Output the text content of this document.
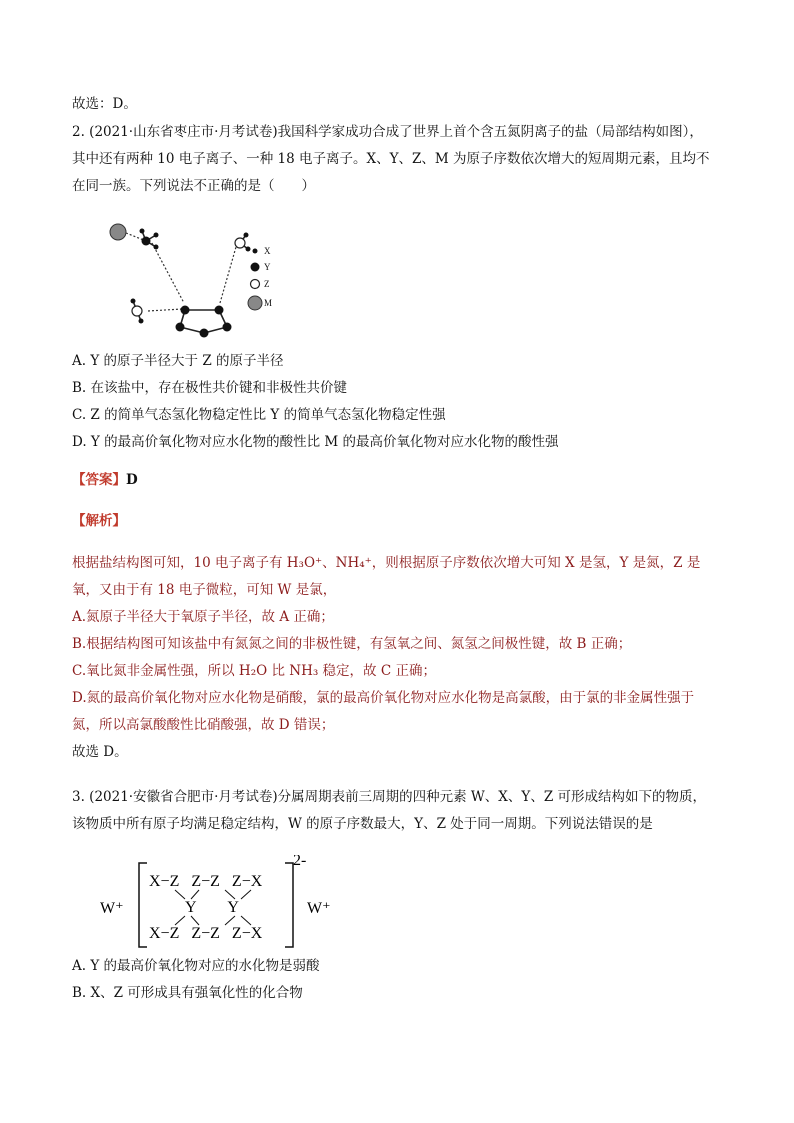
故选：D。
2. (2021·山东省枣庄市·月考试卷)我国科学家成功合成了世界上首个含五氮阴离子的盐（局部结构如图），
其中还有两种 10 电子离子、一种 18 电子离子。X、Y、Z、M 为原子序数依次增大的短周期元素，且均不
在同一族。下列说法不正确的是（　　）
X
Y
Z
M
A. Y 的原子半径大于 Z 的原子半径
B. 在该盐中，存在极性共价键和非极性共价键
C. Z 的简单气态氢化物稳定性比 Y 的简单气态氢化物稳定性强
D. Y 的最高价氧化物对应水化物的酸性比 M 的最高价氧化物对应水化物的酸性强
【答案】D
【解析】
根据盐结构图可知，10 电子离子有 H₃O⁺、NH₄⁺，则根据原子序数依次增大可知 X 是氢，Y 是氮，Z 是
氧，又由于有 18 电子微粒，可知 W 是氯，
A.氮原子半径大于氧原子半径，故 A 正确；
B.根据结构图可知该盐中有氮氮之间的非极性键，有氢氧之间、氮氢之间极性键，故 B 正确；
C.氧比氮非金属性强，所以 H₂O 比 NH₃ 稳定，故 C 正确；
D.氮的最高价氧化物对应水化物是硝酸，氯的最高价氧化物对应水化物是高氯酸，由于氯的非金属性强于
氮，所以高氯酸酸性比硝酸强，故 D 错误；
故选 D。
3. (2021·安徽省合肥市·月考试卷)分属周期表前三周期的四种元素 W、X、Y、Z 可形成结构如下的物质，
该物质中所有原子均满足稳定结构，W 的原子序数最大，Y、Z 处于同一周期。下列说法错误的是
W⁺
2-
W⁺
X−Z   Z−Z   Z−X
Y        Y
X−Z   Z−Z   Z−X
A. Y 的最高价氧化物对应的水化物是弱酸
B. X、Z 可形成具有强氧化性的化合物
